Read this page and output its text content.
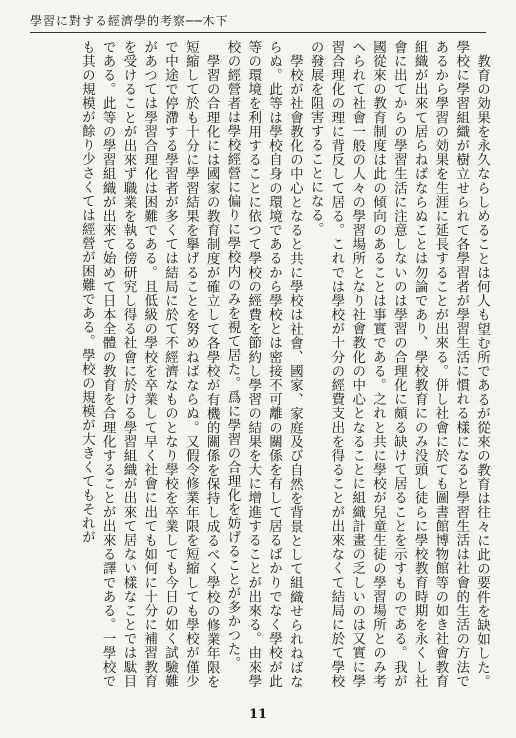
學習に對する經濟學的考察──木下

教育の効果を永久ならしめることは何人も望む所であるが從來の教育は往々に此の要件を缺如した。學校に學習組織が樹立せられて各學習者が學習生活に慣れる樣になると學習生活は社會的生活の方法であるから學習の効果を生涯に延長することが出來る。併し社會に於ても圖書館博物館等の如き社會教育組織が出來て居らねばならぬことは勿論であり、學校教育にのみ没頭し徒らに學校教育時期を永くし社會に出てからの學習生活に注意しないのは學習の合理化に頗る缺けて居ることを示すものである。我が國從來の教育制度は此の傾向のあることは事實である。之れと共に學校が兒童生徒の學習場所とのみ考へられて社會一般の人々の學習場所となり社會教化の中心となることに組織計畫の乏しいのは又實に學習合理化の理に背反して居る。これでは學校が十分の經費支出を得ることが出來なくて結局に於て學校の發展を阻害することになる。

學校が社會教化の中心となると共に學校は社會、國家、家庭及び自然を背景として組織せられねばならぬ。此等は學校自身の環境であるから學校とは密接不可離の關係を有して居るばかりでなく學校が此等の環境を利用することに依つて學校の經費を節約し學習の結果を大に增進することが出來る。由來學校の經營者は學校經營に偏りに學校内のみを視て居た。爲に學習の合理化を妨げることが多かつた。

學習の合理化には國家の教育制度が確立して各學校が有機的關係を保持し成るべく學校の修業年限を短縮して於も十分に學習結果を擧げることを努めねばならぬ。又假令修業年限を短縮しても學校が僅少で中途で停滯する學習者が多くては結局に於て不經濟なものとなり學校を卒業しても今日の如く試驗難があつては學習合理化は困難である。且低級の學校を卒業して早く社會に出ても如何に十分に補習教育を受けることが出來ず職業を執る傍研究し得る社會に於ける學習組織が出來て居ない樣なことでは駄目である。此等の學習組織が出來て始めて日本全體の教育を合理化することが出來る譯である。一學校でも其の規模が餘り少さくては經營が困難である。學校の規模が大きくてもそれが

11
